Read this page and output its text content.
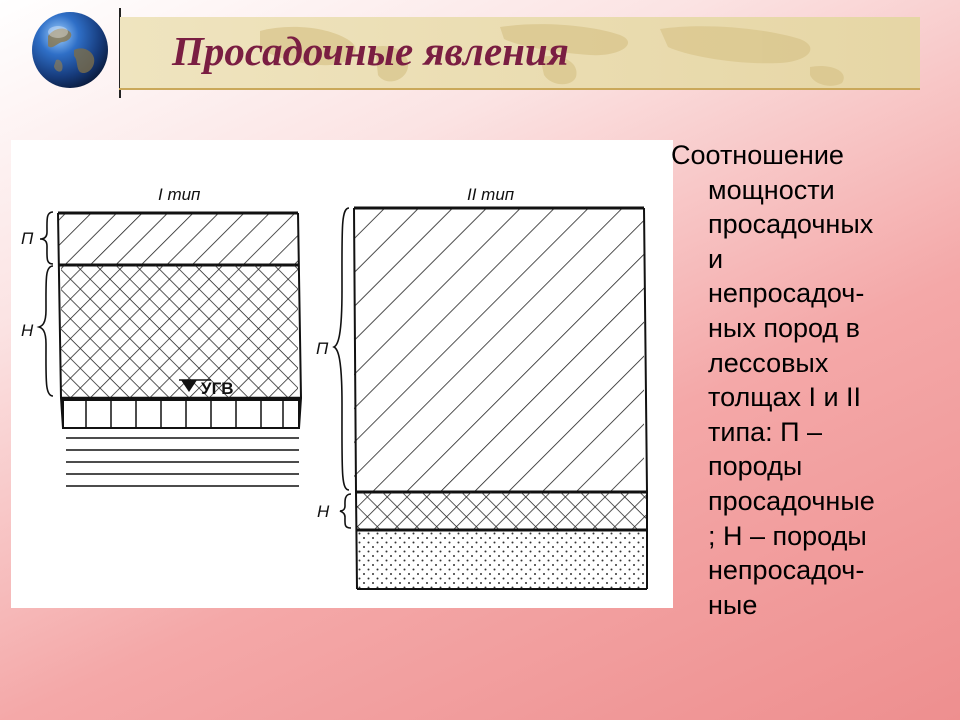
Просадочные явления
I тип
УГВ
П
Н
II тип
П
Н
Соотношение
мощности
просадочных
и
непросадоч-
ных пород в
лессовых
толщах I и II
типа: П –
породы
просадочные
; Н – породы
непросадоч-
ные
